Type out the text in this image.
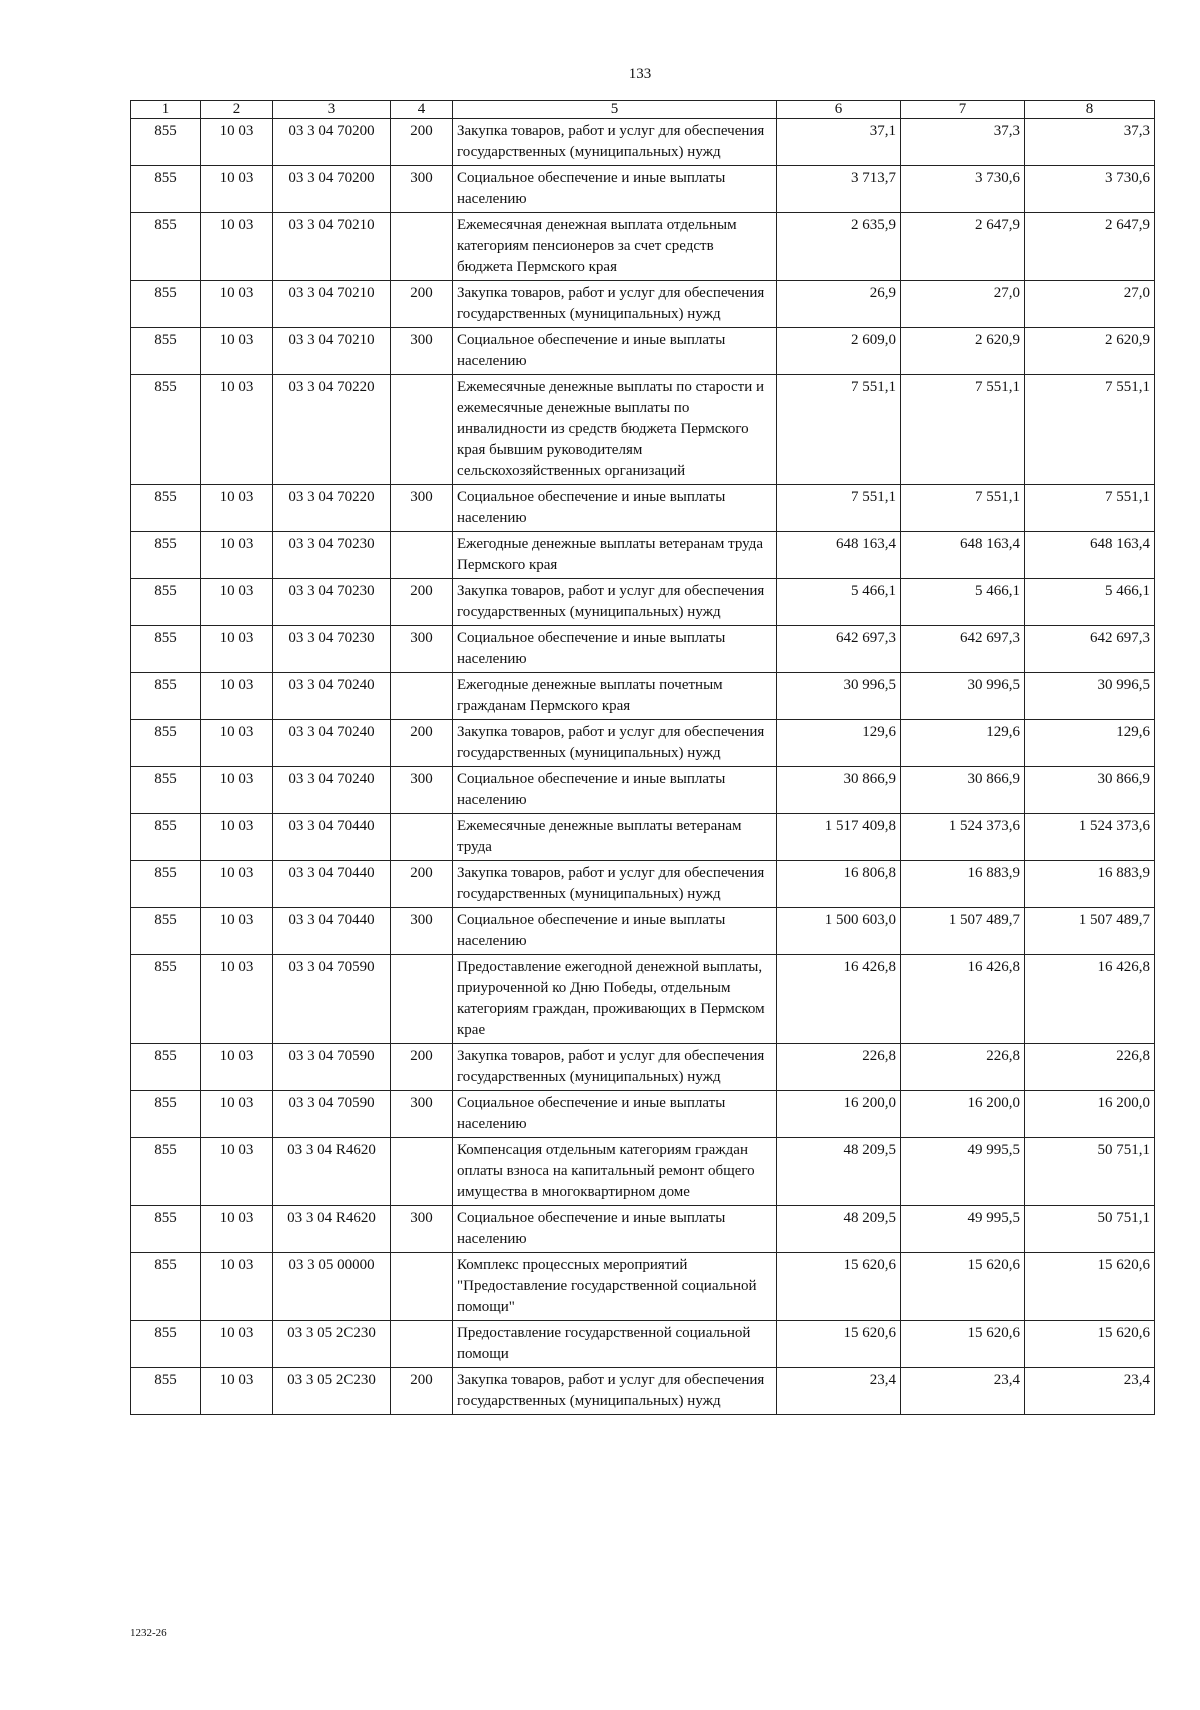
133
1	2	3	4	5	6	7	8
855	10 03	03 3 04 70200	200	Закупка товаров, работ и услуг для обеспечения государственных (муниципальных) нужд	37,1	37,3	37,3
855	10 03	03 3 04 70200	300	Социальное обеспечение и иные выплаты населению	3 713,7	3 730,6	3 730,6
855	10 03	03 3 04 70210		Ежемесячная денежная выплата отдельным категориям пенсионеров за счет средств бюджета Пермского края	2 635,9	2 647,9	2 647,9
855	10 03	03 3 04 70210	200	Закупка товаров, работ и услуг для обеспечения государственных (муниципальных) нужд	26,9	27,0	27,0
855	10 03	03 3 04 70210	300	Социальное обеспечение и иные выплаты населению	2 609,0	2 620,9	2 620,9
855	10 03	03 3 04 70220		Ежемесячные денежные выплаты по старости и ежемесячные денежные выплаты по инвалидности из средств бюджета Пермского края бывшим руководителям сельскохозяйственных организаций	7 551,1	7 551,1	7 551,1
855	10 03	03 3 04 70220	300	Социальное обеспечение и иные выплаты населению	7 551,1	7 551,1	7 551,1
855	10 03	03 3 04 70230		Ежегодные денежные выплаты ветеранам труда Пермского края	648 163,4	648 163,4	648 163,4
855	10 03	03 3 04 70230	200	Закупка товаров, работ и услуг для обеспечения государственных (муниципальных) нужд	5 466,1	5 466,1	5 466,1
855	10 03	03 3 04 70230	300	Социальное обеспечение и иные выплаты населению	642 697,3	642 697,3	642 697,3
855	10 03	03 3 04 70240		Ежегодные денежные выплаты почетным гражданам Пермского края	30 996,5	30 996,5	30 996,5
855	10 03	03 3 04 70240	200	Закупка товаров, работ и услуг для обеспечения государственных (муниципальных) нужд	129,6	129,6	129,6
855	10 03	03 3 04 70240	300	Социальное обеспечение и иные выплаты населению	30 866,9	30 866,9	30 866,9
855	10 03	03 3 04 70440		Ежемесячные денежные выплаты ветеранам труда	1 517 409,8	1 524 373,6	1 524 373,6
855	10 03	03 3 04 70440	200	Закупка товаров, работ и услуг для обеспечения государственных (муниципальных) нужд	16 806,8	16 883,9	16 883,9
855	10 03	03 3 04 70440	300	Социальное обеспечение и иные выплаты населению	1 500 603,0	1 507 489,7	1 507 489,7
855	10 03	03 3 04 70590		Предоставление ежегодной денежной выплаты, приуроченной ко Дню Победы, отдельным категориям граждан, проживающих в Пермском крае	16 426,8	16 426,8	16 426,8
855	10 03	03 3 04 70590	200	Закупка товаров, работ и услуг для обеспечения государственных (муниципальных) нужд	226,8	226,8	226,8
855	10 03	03 3 04 70590	300	Социальное обеспечение и иные выплаты населению	16 200,0	16 200,0	16 200,0
855	10 03	03 3 04 R4620		Компенсация отдельным категориям граждан оплаты взноса на капитальный ремонт общего имущества в многоквартирном доме	48 209,5	49 995,5	50 751,1
855	10 03	03 3 04 R4620	300	Социальное обеспечение и иные выплаты населению	48 209,5	49 995,5	50 751,1
855	10 03	03 3 05 00000		Комплекс процессных мероприятий "Предоставление государственной социальной помощи"	15 620,6	15 620,6	15 620,6
855	10 03	03 3 05 2С230		Предоставление государственной социальной помощи	15 620,6	15 620,6	15 620,6
855	10 03	03 3 05 2С230	200	Закупка товаров, работ и услуг для обеспечения государственных (муниципальных) нужд	23,4	23,4	23,4
1232-26
